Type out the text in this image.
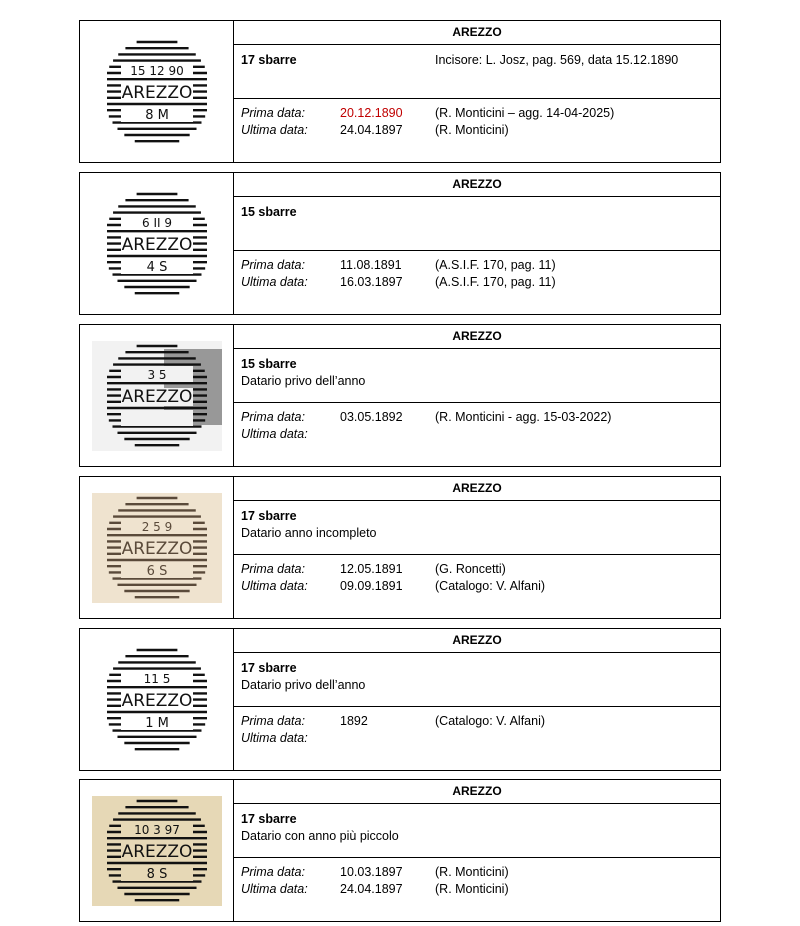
15 12 90
AREZZO
8 M
AREZZO
17 sbarre	Incisore: L. Josz, pag. 569, data 15.12.1890
Prima data:	20.12.1890	(R. Monticini – agg. 14-04-2025)
Ultima data:	24.04.1897	(R. Monticini)
6 II 9
AREZZO
4 S
AREZZO
15 sbarre
Prima data:	11.08.1891	(A.S.I.F. 170, pag. 11)
Ultima data:	16.03.1897	(A.S.I.F. 170, pag. 11)
3 5
AREZZO
AREZZO
15 sbarre
Datario privo dell’anno
Prima data:	03.05.1892	(R. Monticini - agg. 15-03-2022)
Ultima data:
2 5 9
AREZZO
6 S
AREZZO
17 sbarre
Datario anno incompleto
Prima data:	12.05.1891	(G. Roncetti)
Ultima data:	09.09.1891	(Catalogo: V. Alfani)
11 5
AREZZO
1 M
AREZZO
17 sbarre
Datario privo dell’anno
Prima data:	1892	(Catalogo: V. Alfani)
Ultima data:
10 3 97
AREZZO
8 S
AREZZO
17 sbarre
Datario con anno più piccolo
Prima data:	10.03.1897	(R. Monticini)
Ultima data:	24.04.1897	(R. Monticini)
